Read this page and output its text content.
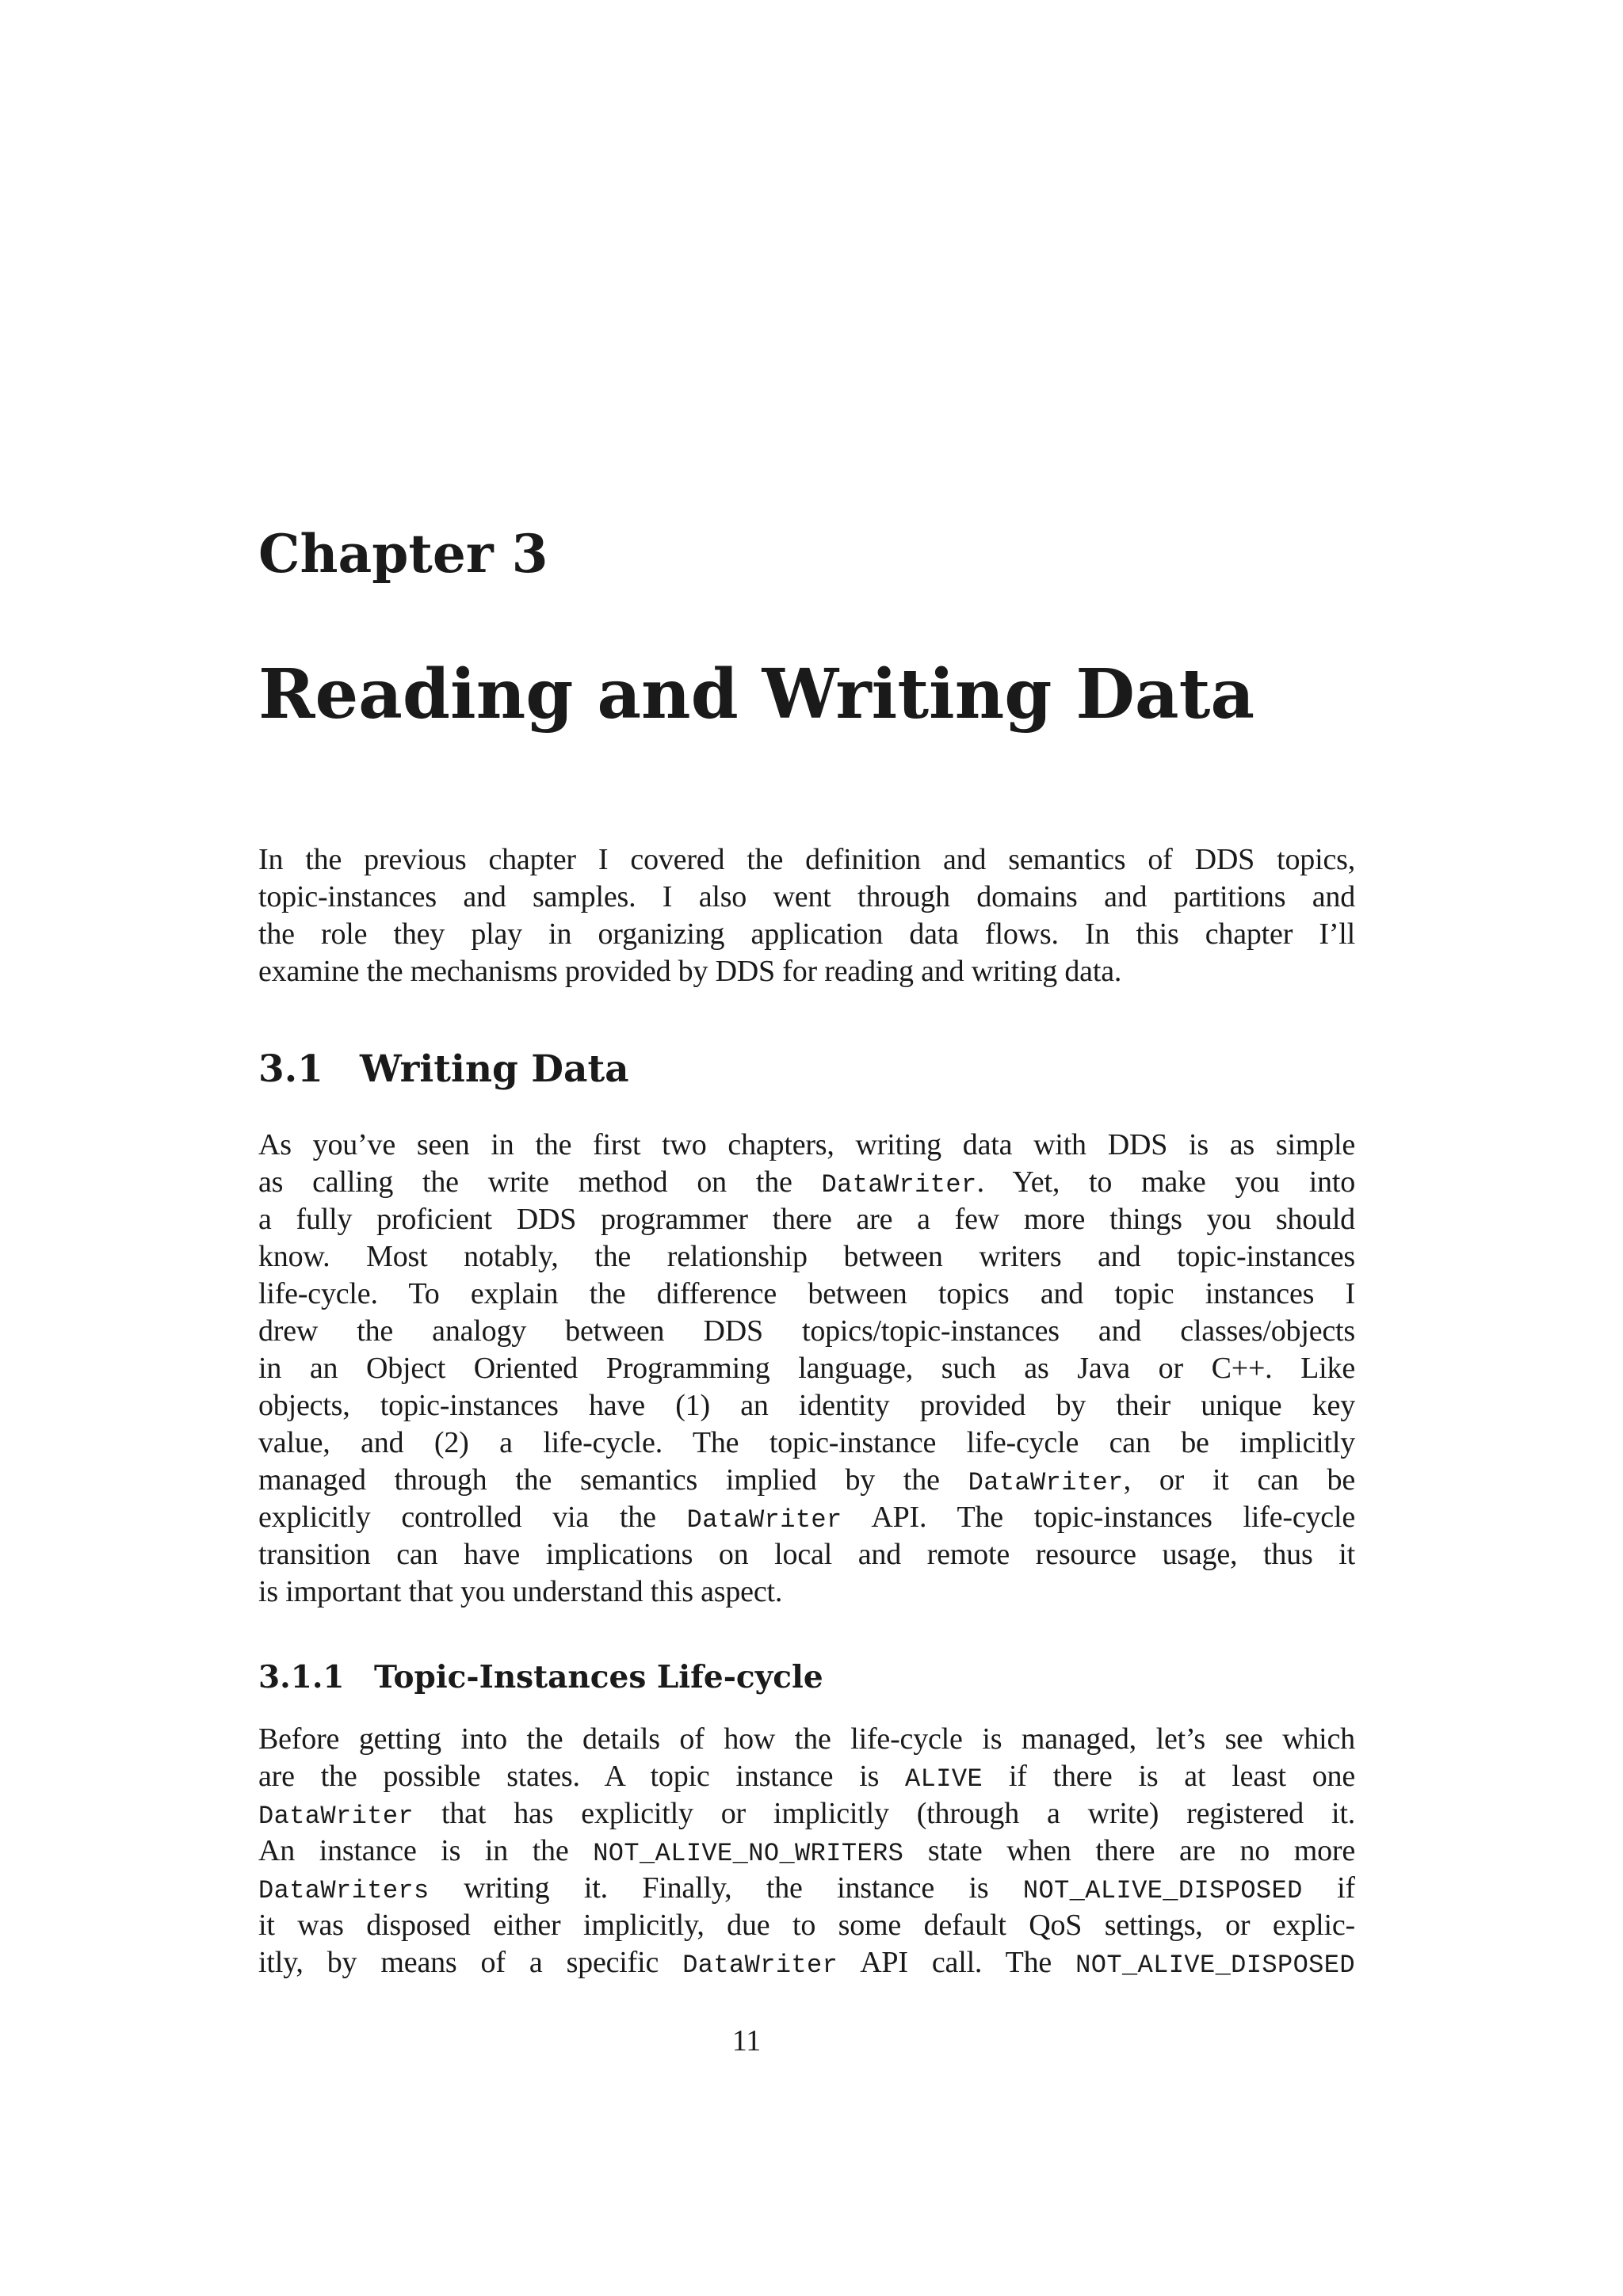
Chapter 3
Reading and Writing Data
In the previous chapter I covered the definition and semantics of DDS topics,
topic-instances and samples. I also went through domains and partitions and
the role they play in organizing application data flows. In this chapter I’ll
examine the mechanisms provided by DDS for reading and writing data.
3.1 Writing Data
As you’ve seen in the first two chapters, writing data with DDS is as simple
as calling the write method on the DataWriter. Yet, to make you into
a fully proficient DDS programmer there are a few more things you should
know. Most notably, the relationship between writers and topic-instances
life-cycle. To explain the difference between topics and topic instances I
drew the analogy between DDS topics/topic-instances and classes/objects
in an Object Oriented Programming language, such as Java or C++. Like
objects, topic-instances have (1) an identity provided by their unique key
value, and (2) a life-cycle. The topic-instance life-cycle can be implicitly
managed through the semantics implied by the DataWriter, or it can be
explicitly controlled via the DataWriter API. The topic-instances life-cycle
transition can have implications on local and remote resource usage, thus it
is important that you understand this aspect.
3.1.1 Topic-Instances Life-cycle
Before getting into the details of how the life-cycle is managed, let’s see which
are the possible states. A topic instance is ALIVE if there is at least one
DataWriter that has explicitly or implicitly (through a write) registered it.
An instance is in the NOT_ALIVE_NO_WRITERS state when there are no more
DataWriters writing it. Finally, the instance is NOT_ALIVE_DISPOSED if
it was disposed either implicitly, due to some default QoS settings, or explic-
itly, by means of a specific DataWriter API call. The NOT_ALIVE_DISPOSED
11
